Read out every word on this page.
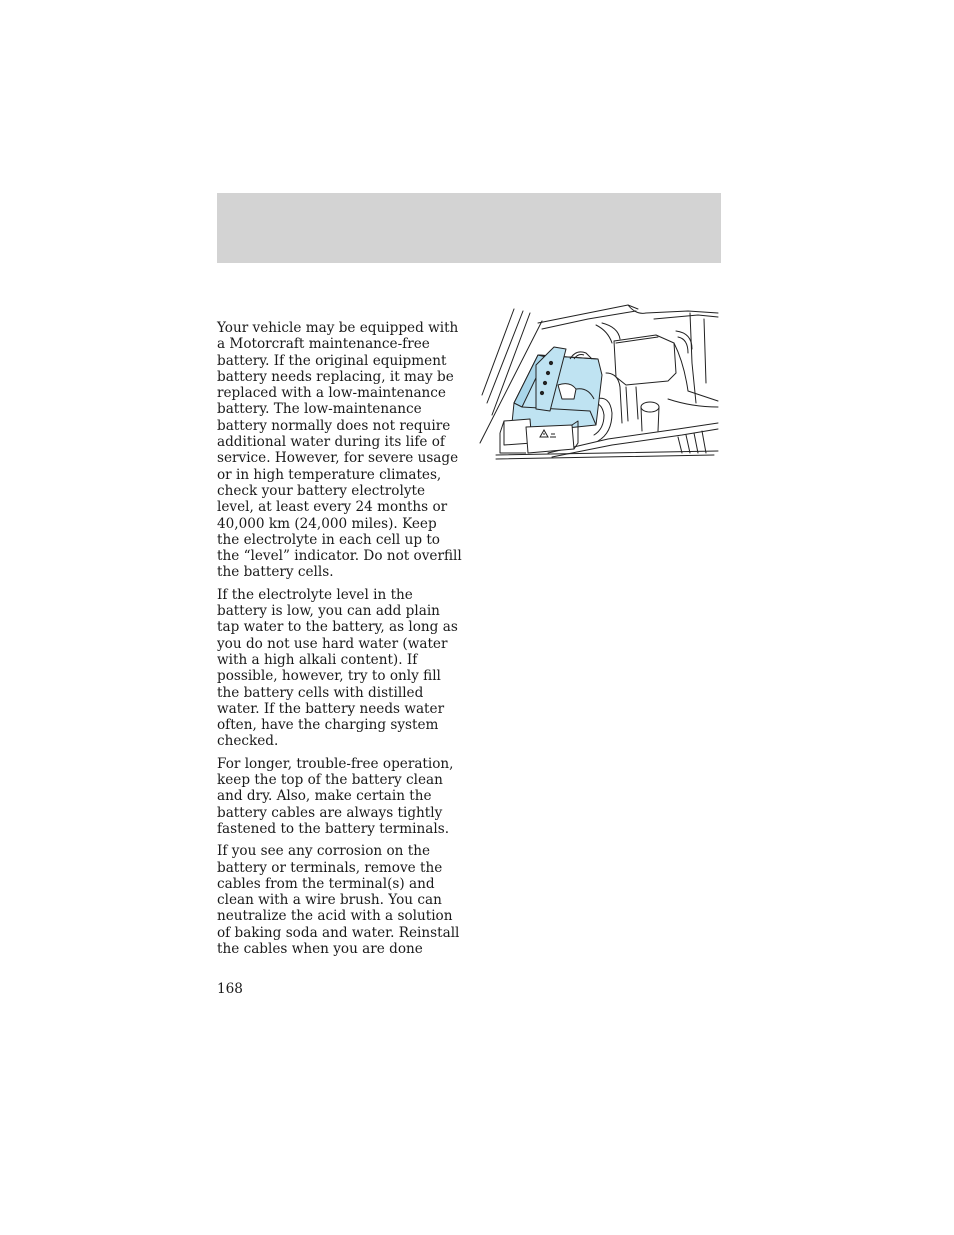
Your vehicle may be equipped with
a Motorcraft maintenance-free
battery. If the original equipment
battery needs replacing, it may be
replaced with a low-maintenance
battery. The low-maintenance
battery normally does not require
additional water during its life of
service. However, for severe usage
or in high temperature climates,
check your battery electrolyte
level, at least every 24 months or
40,000 km (24,000 miles). Keep
the electrolyte in each cell up to
the “level” indicator. Do not overfill
the battery cells.

If the electrolyte level in the
battery is low, you can add plain
tap water to the battery, as long as
you do not use hard water (water
with a high alkali content). If
possible, however, try to only fill
the battery cells with distilled
water. If the battery needs water
often, have the charging system
checked.

For longer, trouble-free operation,
keep the top of the battery clean
and dry. Also, make certain the
battery cables are always tightly
fastened to the battery terminals.

If you see any corrosion on the
battery or terminals, remove the
cables from the terminal(s) and
clean with a wire brush. You can
neutralize the acid with a solution
of baking soda and water. Reinstall
the cables when you are done

168
